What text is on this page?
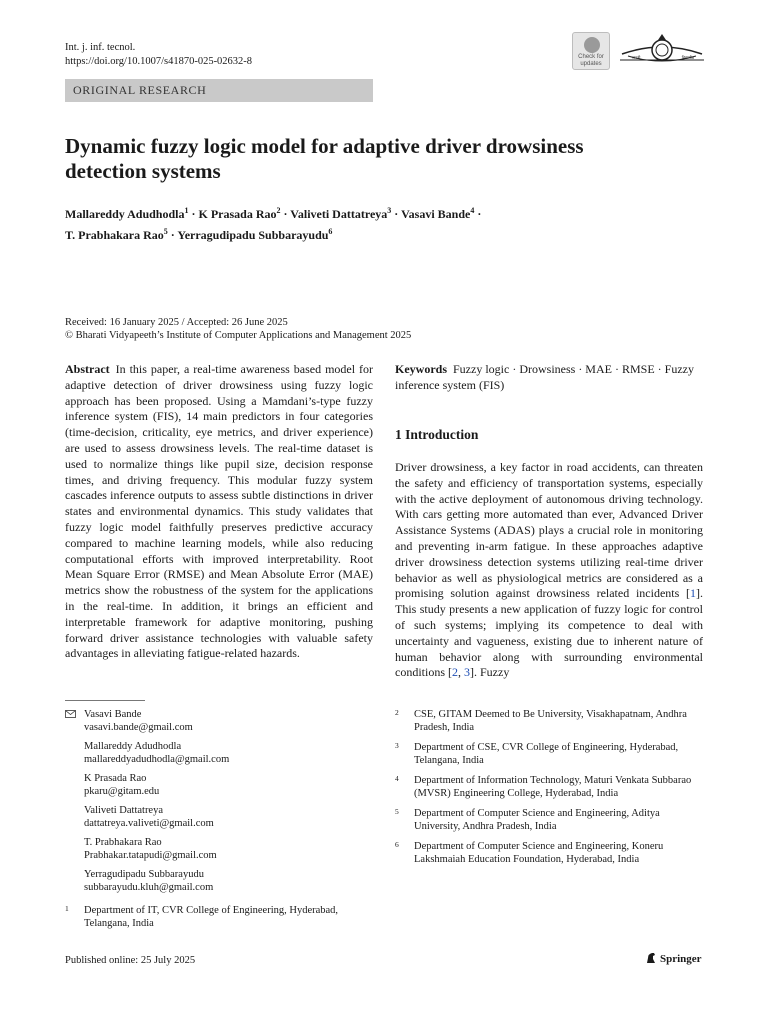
Int. j. inf. tecnol.
https://doi.org/10.1007/s41870-025-02632-8	Check for
updates
भारती	विद्यापीठ
ORIGINAL RESEARCH
Dynamic fuzzy logic model for adaptive driver drowsiness detection systems
Mallareddy Adudhodla$^1$ · K Prasada Rao$^2$ · Valiveti Dattatreya$^3$ · Vasavi Bande$^4$ ·
T. Prabhakara Rao$^5$ · Yerragudipadu Subbarayudu$^6$
Received: 16 January 2025 / Accepted: 26 June 2025
© Bharati Vidyapeeth’s Institute of Computer Applications and Management 2025
Abstract In this paper, a real-time awareness based model for adaptive detection of driver drowsiness using fuzzy logic approach has been proposed. Using a Mamdani’s-type fuzzy inference system (FIS), 14 main predictors in four categories (time-decision, criticality, eye metrics, and driver experience) are used to assess drowsiness levels. The real-time dataset is used to normalize things like pupil size, decision response times, and driving frequency. This modular fuzzy system cascades inference outputs to assess subtle distinctions in driver states and environmental dynamics. This study validates that fuzzy logic model faithfully preserves predictive accuracy compared to machine learning models, while also reducing computational efforts with improved interpretability. Root Mean Square Error (RMSE) and Mean Absolute Error (MAE) metrics show the robustness of the system for the applications in the real-time. In addition, it brings an efficient and interpretable framework for adaptive monitoring, pushing forward driver assistance technologies with valuable safety advantages in alleviating fatigue-related hazards.
Keywords Fuzzy logic · Drowsiness · MAE · RMSE · Fuzzy inference system (FIS)
1 Introduction
Driver drowsiness, a key factor in road accidents, can threaten the safety and efficiency of transportation systems, especially with the active deployment of autonomous driving technology. With cars getting more automated than ever, Advanced Driver Assistance Systems (ADAS) plays a crucial role in monitoring and preventing in-arm fatigue. In these approaches adaptive driver drowsiness detection systems utilizing real-time driver behavior as well as physiological metrics are considered as a promising solution against drowsiness related incidents [1]. This study presents a new application of fuzzy logic for control of such systems; implying its competence to deal with uncertainty and vagueness, existing due to inherent nature of human behavior along with surrounding environmental conditions [2, 3]. Fuzzy
Vasavi Bande
vasavi.bande@gmail.com
Mallareddy Adudhodla
mallareddyadudhodla@gmail.com
K Prasada Rao
pkaru@gitam.edu
Valiveti Dattatreya
dattatreya.valiveti@gmail.com
T. Prabhakara Rao
Prabhakar.tatapudi@gmail.com
Yerragudipadu Subbarayudu
subbarayudu.kluh@gmail.com
1 Department of IT, CVR College of Engineering, Hyderabad, Telangana, India
2 CSE, GITAM Deemed to Be University, Visakhapatnam, Andhra Pradesh, India
3 Department of CSE, CVR College of Engineering, Hyderabad, Telangana, India
4 Department of Information Technology, Maturi Venkata Subbarao (MVSR) Engineering College, Hyderabad, India
5 Department of Computer Science and Engineering, Aditya University, Andhra Pradesh, India
6 Department of Computer Science and Engineering, Koneru Lakshmaiah Education Foundation, Hyderabad, India
Published online: 25 July 2025	Springer
